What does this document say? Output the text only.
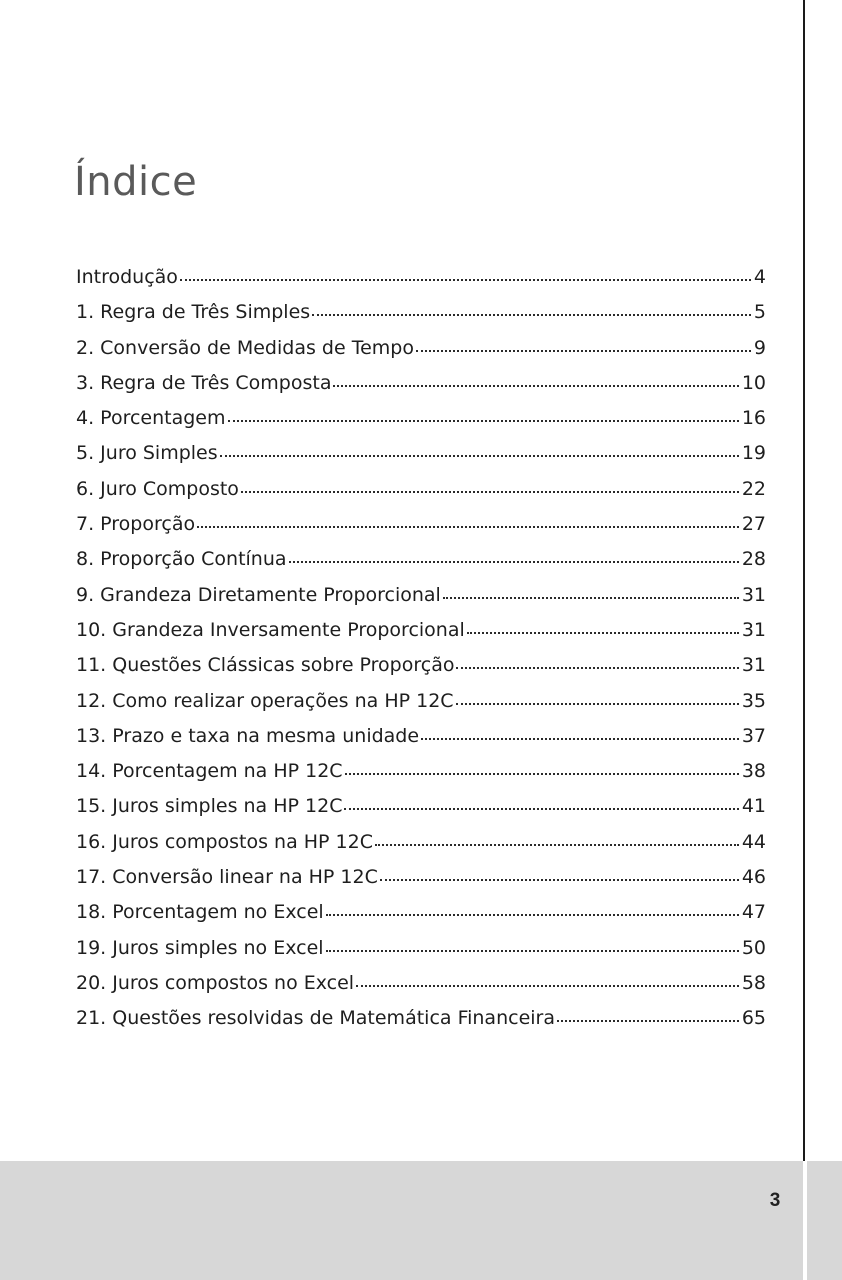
Índice
Introdução	4
1. Regra de Três Simples	5
2. Conversão de Medidas de Tempo	9
3. Regra de Três Composta	10
4. Porcentagem	16
5. Juro Simples	19
6. Juro Composto	22
7. Proporção	27
8. Proporção Contínua	28
9. Grandeza Diretamente Proporcional	31
10. Grandeza Inversamente Proporcional	31
11. Questões Clássicas sobre Proporção	31
12. Como realizar operações na HP 12C	35
13. Prazo e taxa na mesma unidade	37
14. Porcentagem na HP 12C	38
15. Juros simples na HP 12C	41
16. Juros compostos na HP 12C	44
17. Conversão linear na HP 12C	46
18. Porcentagem no Excel	47
19. Juros simples no Excel	50
20. Juros compostos no Excel	58
21. Questões resolvidas de Matemática Financeira	65
3
